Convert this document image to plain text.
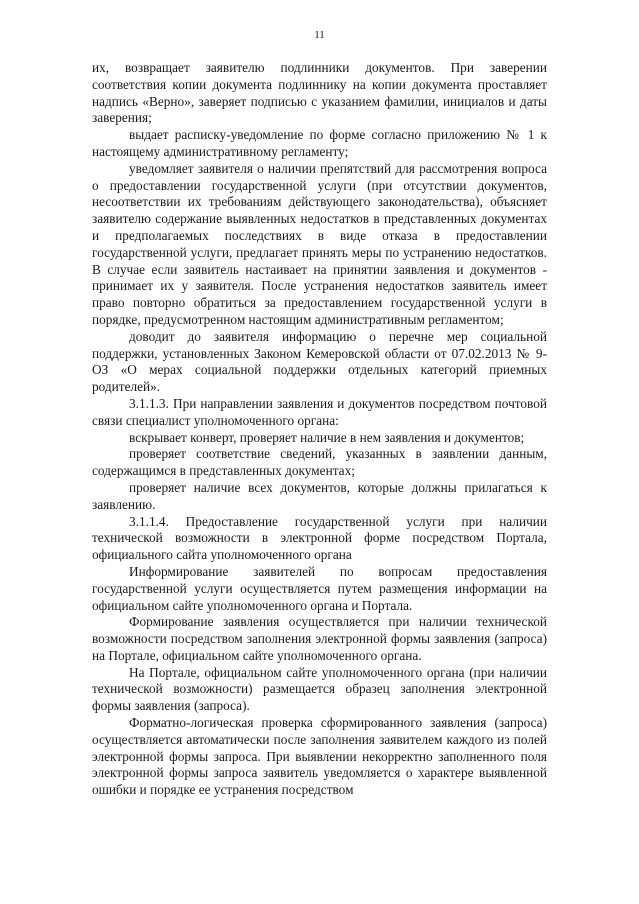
11

их, возвращает заявителю подлинники документов. При заверении соответствия копии документа подлиннику на копии документа проставляет надпись «Верно», заверяет подписью с указанием фамилии, инициалов и даты заверения;

выдает расписку-уведомление по форме согласно приложению № 1 к настоящему административному регламенту;

уведомляет заявителя о наличии препятствий для рассмотрения вопроса о предоставлении государственной услуги (при отсутствии документов, несоответствии их требованиям действующего законодательства), объясняет заявителю содержание выявленных недостатков в представленных документах и предполагаемых последствиях в виде отказа в предоставлении государственной услуги, предлагает принять меры по устранению недостатков. В случае если заявитель настаивает на принятии заявления и документов - принимает их у заявителя. После устранения недостатков заявитель имеет право повторно обратиться за предоставлением государственной услуги в порядке, предусмотренном настоящим административным регламентом;

доводит до заявителя информацию о перечне мер социальной поддержки, установленных Законом Кемеровской области от 07.02.2013 № 9-ОЗ «О мерах социальной поддержки отдельных категорий приемных родителей».

3.1.1.3. При направлении заявления и документов посредством почтовой связи специалист уполномоченного органа:

вскрывает конверт, проверяет наличие в нем заявления и документов;

проверяет соответствие сведений, указанных в заявлении данным, содержащимся в представленных документах;

проверяет наличие всех документов, которые должны прилагаться к заявлению.

3.1.1.4. Предоставление государственной услуги при наличии технической возможности в электронной форме посредством Портала, официального сайта уполномоченного органа

Информирование заявителей по вопросам предоставления государственной услуги осуществляется путем размещения информации на официальном сайте уполномоченного органа и Портала.

Формирование заявления осуществляется при наличии технической возможности посредством заполнения электронной формы заявления (запроса) на Портале, официальном сайте уполномоченного органа.

На Портале, официальном сайте уполномоченного органа (при наличии технической возможности) размещается образец заполнения электронной формы заявления (запроса).

Форматно-логическая проверка сформированного заявления (запроса) осуществляется автоматически после заполнения заявителем каждого из полей электронной формы запроса. При выявлении некорректно заполненного поля электронной формы запроса заявитель уведомляется о характере выявленной ошибки и порядке ее устранения посредством
